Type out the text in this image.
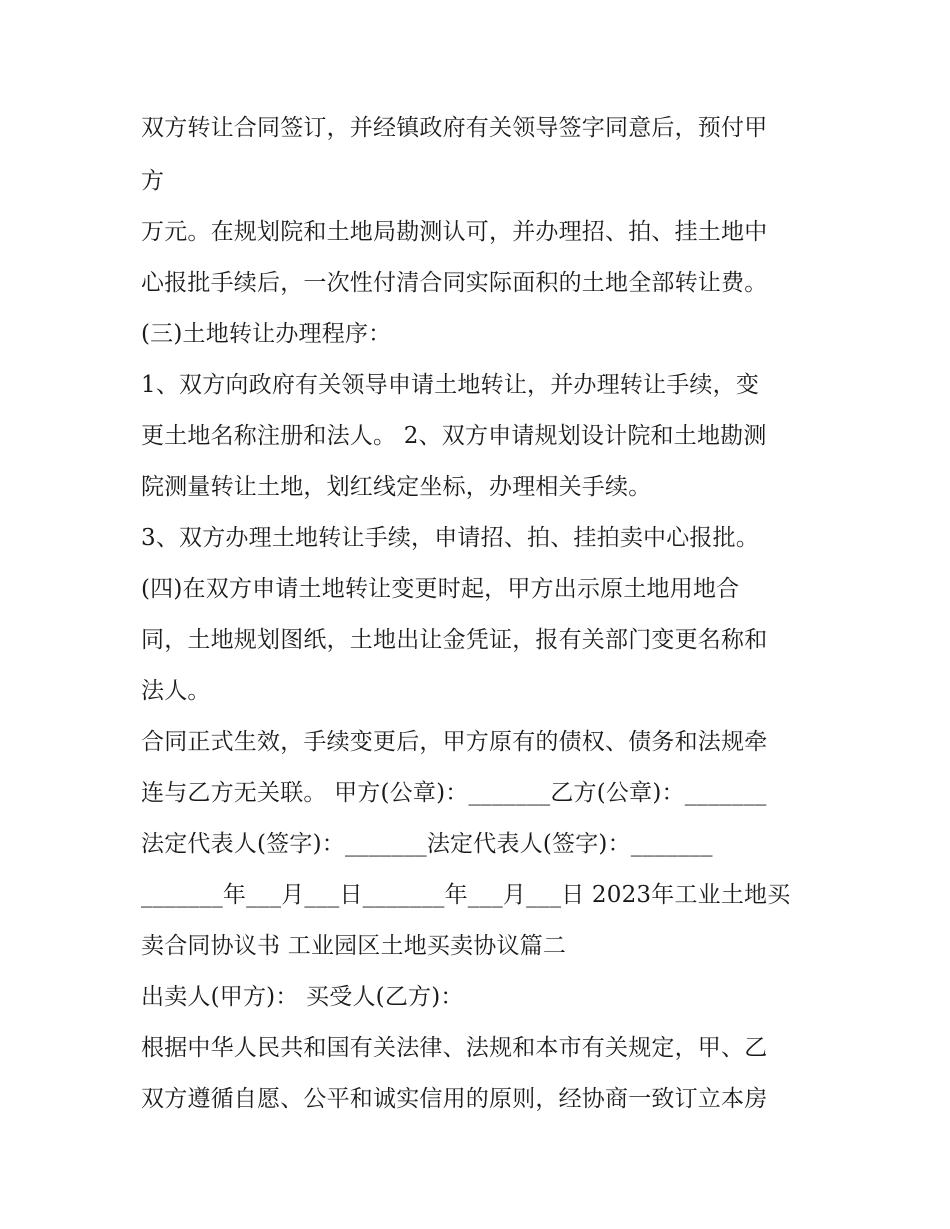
双方转让合同签订，并经镇政府有关领导签字同意后，预付甲
方
万元。在规划院和土地局勘测认可，并办理招、拍、挂土地中
心报批手续后，一次性付清合同实际面积的土地全部转让费。
(三)土地转让办理程序：
1、双方向政府有关领导申请土地转让，并办理转让手续，变
更土地名称注册和法人。 2、双方申请规划设计院和土地勘测
院测量转让土地，划红线定坐标，办理相关手续。
3、双方办理土地转让手续，申请招、拍、挂拍卖中心报批。
(四)在双方申请土地转让变更时起，甲方出示原土地用地合
同，土地规划图纸，土地出让金凭证，报有关部门变更名称和
法人。
合同正式生效，手续变更后，甲方原有的债权、债务和法规牵
连与乙方无关联。 甲方(公章)：_______乙方(公章)：_______
法定代表人(签字)：_______法定代表人(签字)：_______
_______年___月___日_______年___月___日 2023年工业土地买
卖合同协议书 工业园区土地买卖协议篇二
出卖人(甲方)： 买受人(乙方)：
根据中华人民共和国有关法律、法规和本市有关规定，甲、乙
双方遵循自愿、公平和诚实信用的原则，经协商一致订立本房
